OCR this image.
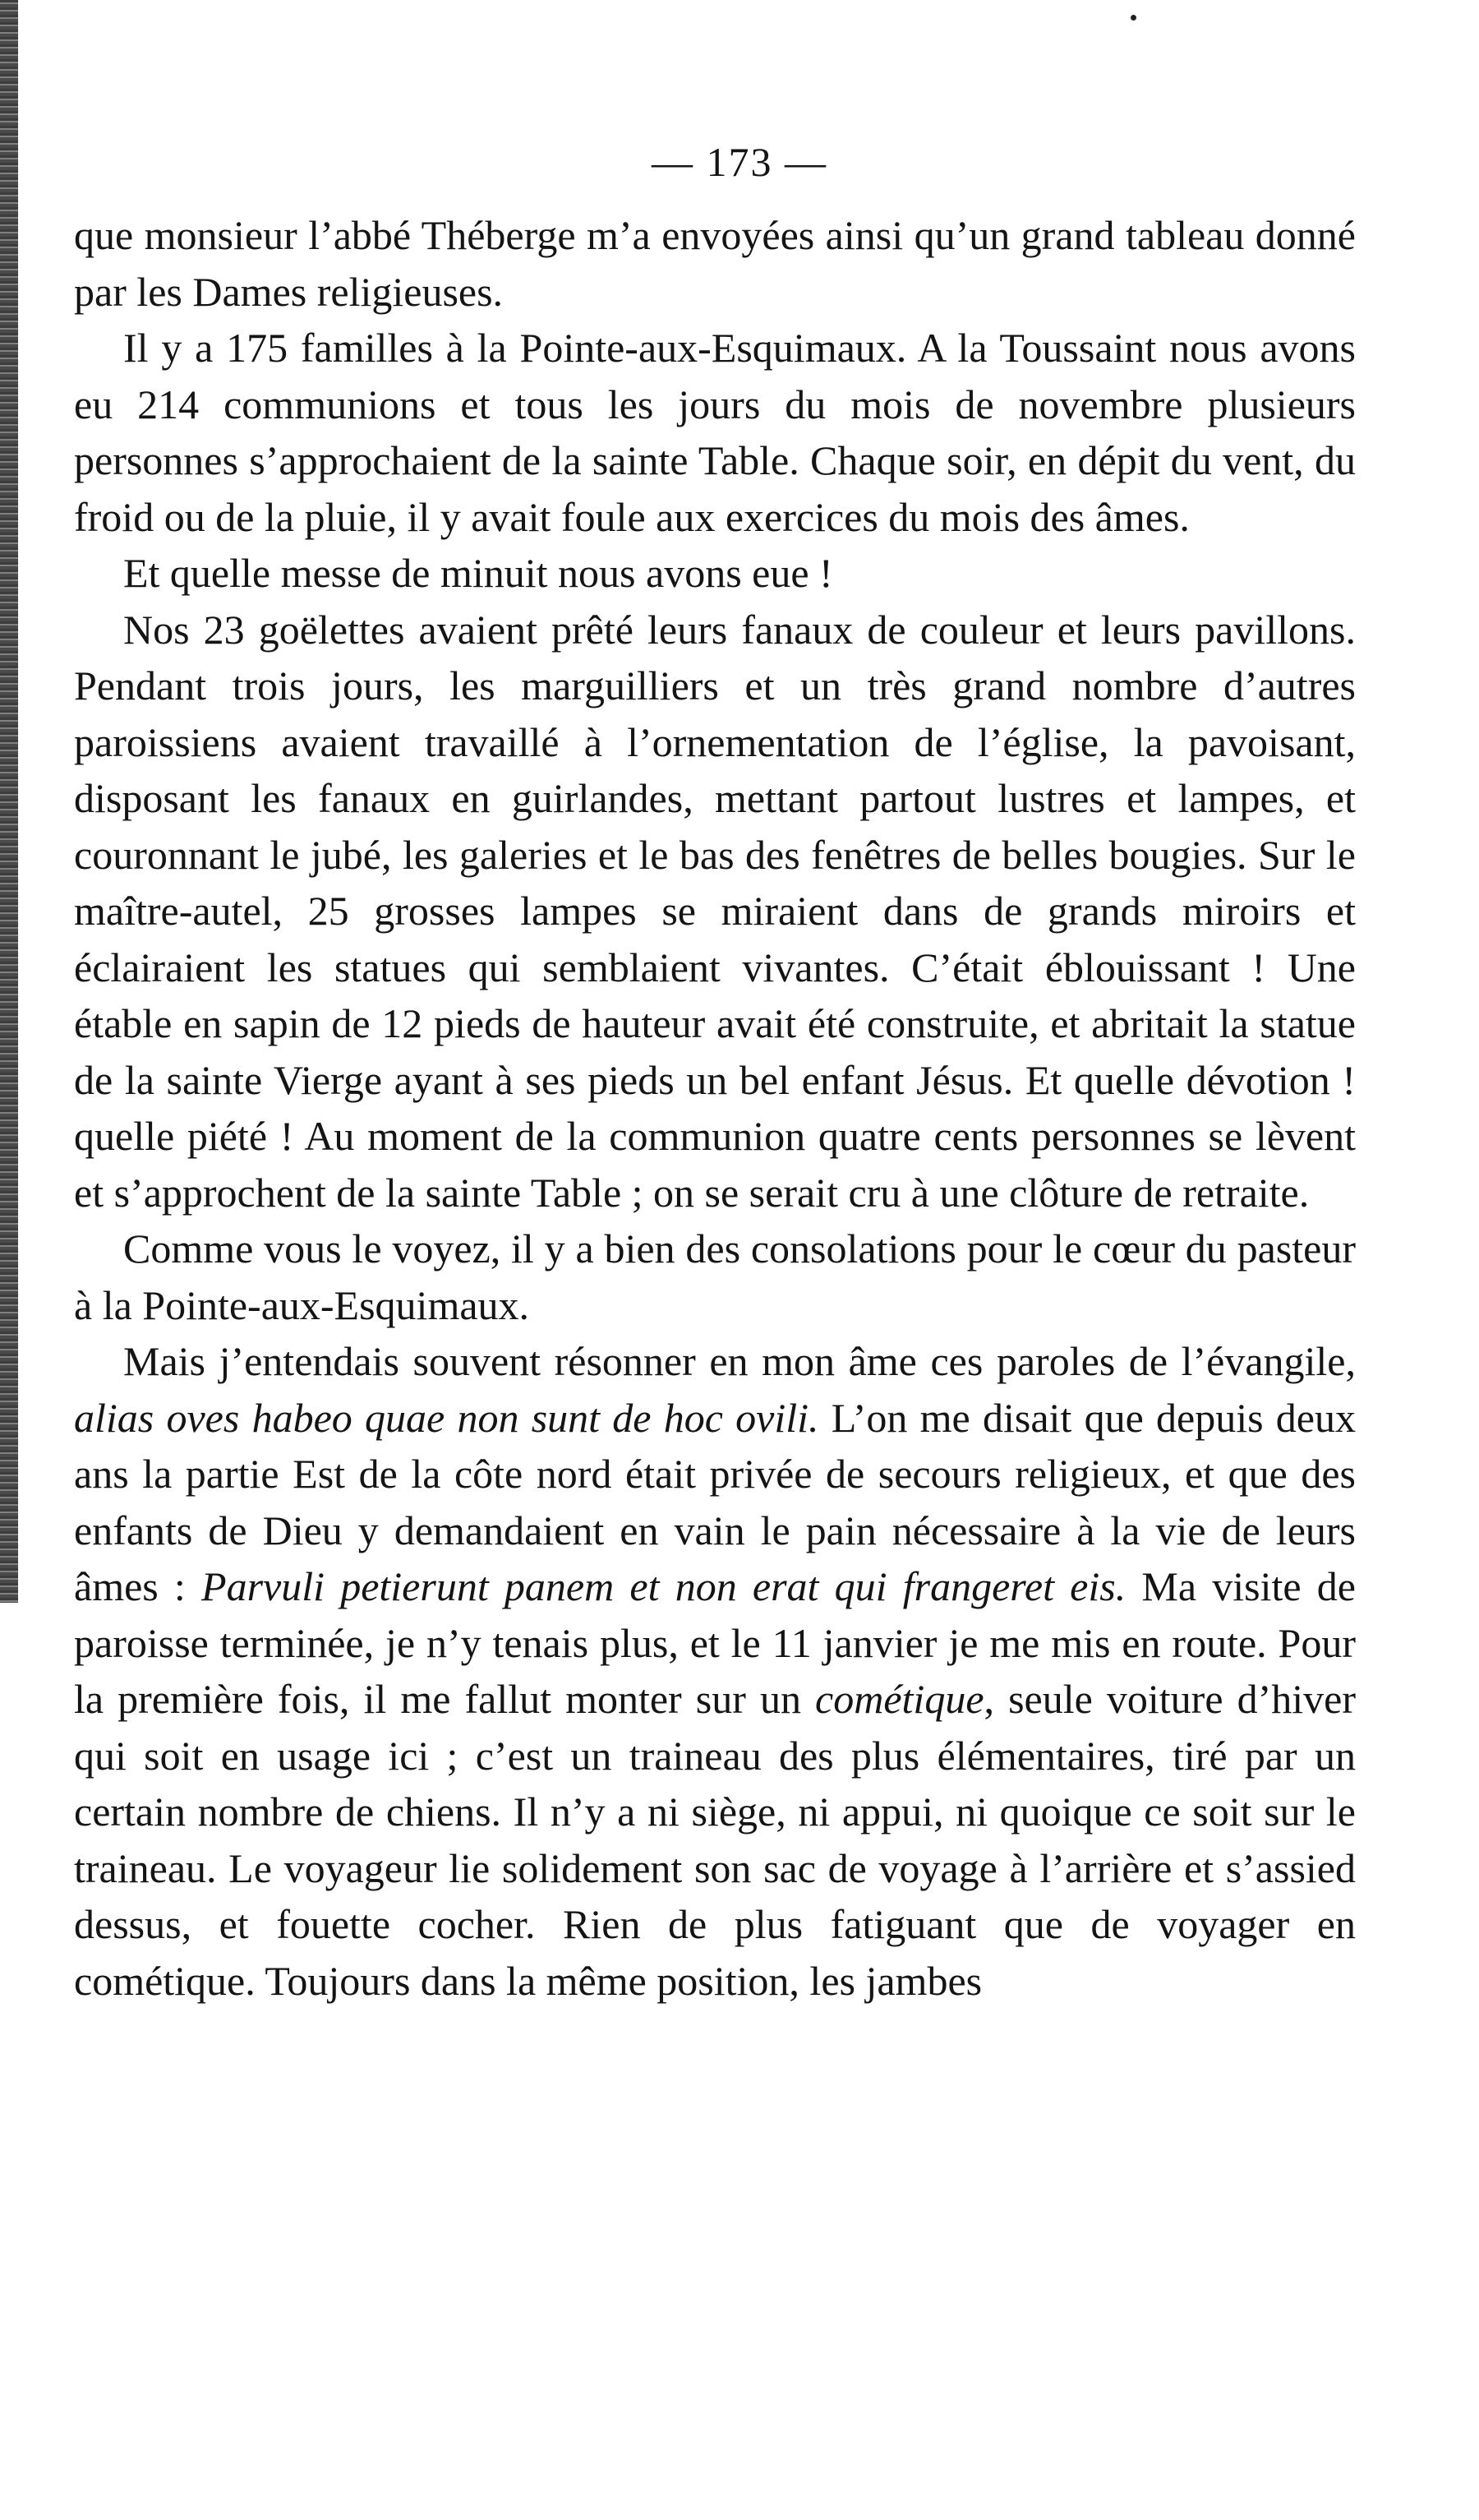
— 173 —

que monsieur l’abbé Théberge m’a envoyées ainsi qu’un grand tableau donné par les Dames religieuses.

Il y a 175 familles à la Pointe-aux-Esquimaux. A la Toussaint nous avons eu 214 communions et tous les jours du mois de novembre plusieurs personnes s’approchaient de la sainte Table. Chaque soir, en dépit du vent, du froid ou de la pluie, il y avait foule aux exercices du mois des âmes.

Et quelle messe de minuit nous avons eue !

Nos 23 goëlettes avaient prêté leurs fanaux de couleur et leurs pavillons. Pendant trois jours, les marguilliers et un très grand nombre d’autres paroissiens avaient travaillé à l’ornementation de l’église, la pavoisant, disposant les fanaux en guirlandes, mettant partout lustres et lampes, et couronnant le jubé, les galeries et le bas des fenêtres de belles bougies. Sur le maître-autel, 25 grosses lampes se miraient dans de grands miroirs et éclairaient les statues qui semblaient vivantes. C’était éblouissant ! Une étable en sapin de 12 pieds de hauteur avait été construite, et abritait la statue de la sainte Vierge ayant à ses pieds un bel enfant Jésus. Et quelle dévotion ! quelle piété ! Au moment de la communion quatre cents personnes se lèvent et s’approchent de la sainte Table ; on se serait cru à une clôture de retraite.

Comme vous le voyez, il y a bien des consolations pour le cœur du pasteur à la Pointe-aux-Esquimaux.

Mais j’entendais souvent résonner en mon âme ces paroles de l’évangile, alias oves habeo quae non sunt de hoc ovili. L’on me disait que depuis deux ans la partie Est de la côte nord était privée de secours religieux, et que des enfants de Dieu y demandaient en vain le pain nécessaire à la vie de leurs âmes : Parvuli petierunt panem et non erat qui frangeret eis. Ma visite de paroisse terminée, je n’y tenais plus, et le 11 janvier je me mis en route. Pour la première fois, il me fallut monter sur un cométique, seule voiture d’hiver qui soit en usage ici ; c’est un traineau des plus élémentaires, tiré par un certain nombre de chiens. Il n’y a ni siège, ni appui, ni quoique ce soit sur le traineau. Le voyageur lie solidement son sac de voyage à l’arrière et s’assied dessus, et fouette cocher. Rien de plus fatiguant que de voyager en cométique. Toujours dans la même position, les jambes
